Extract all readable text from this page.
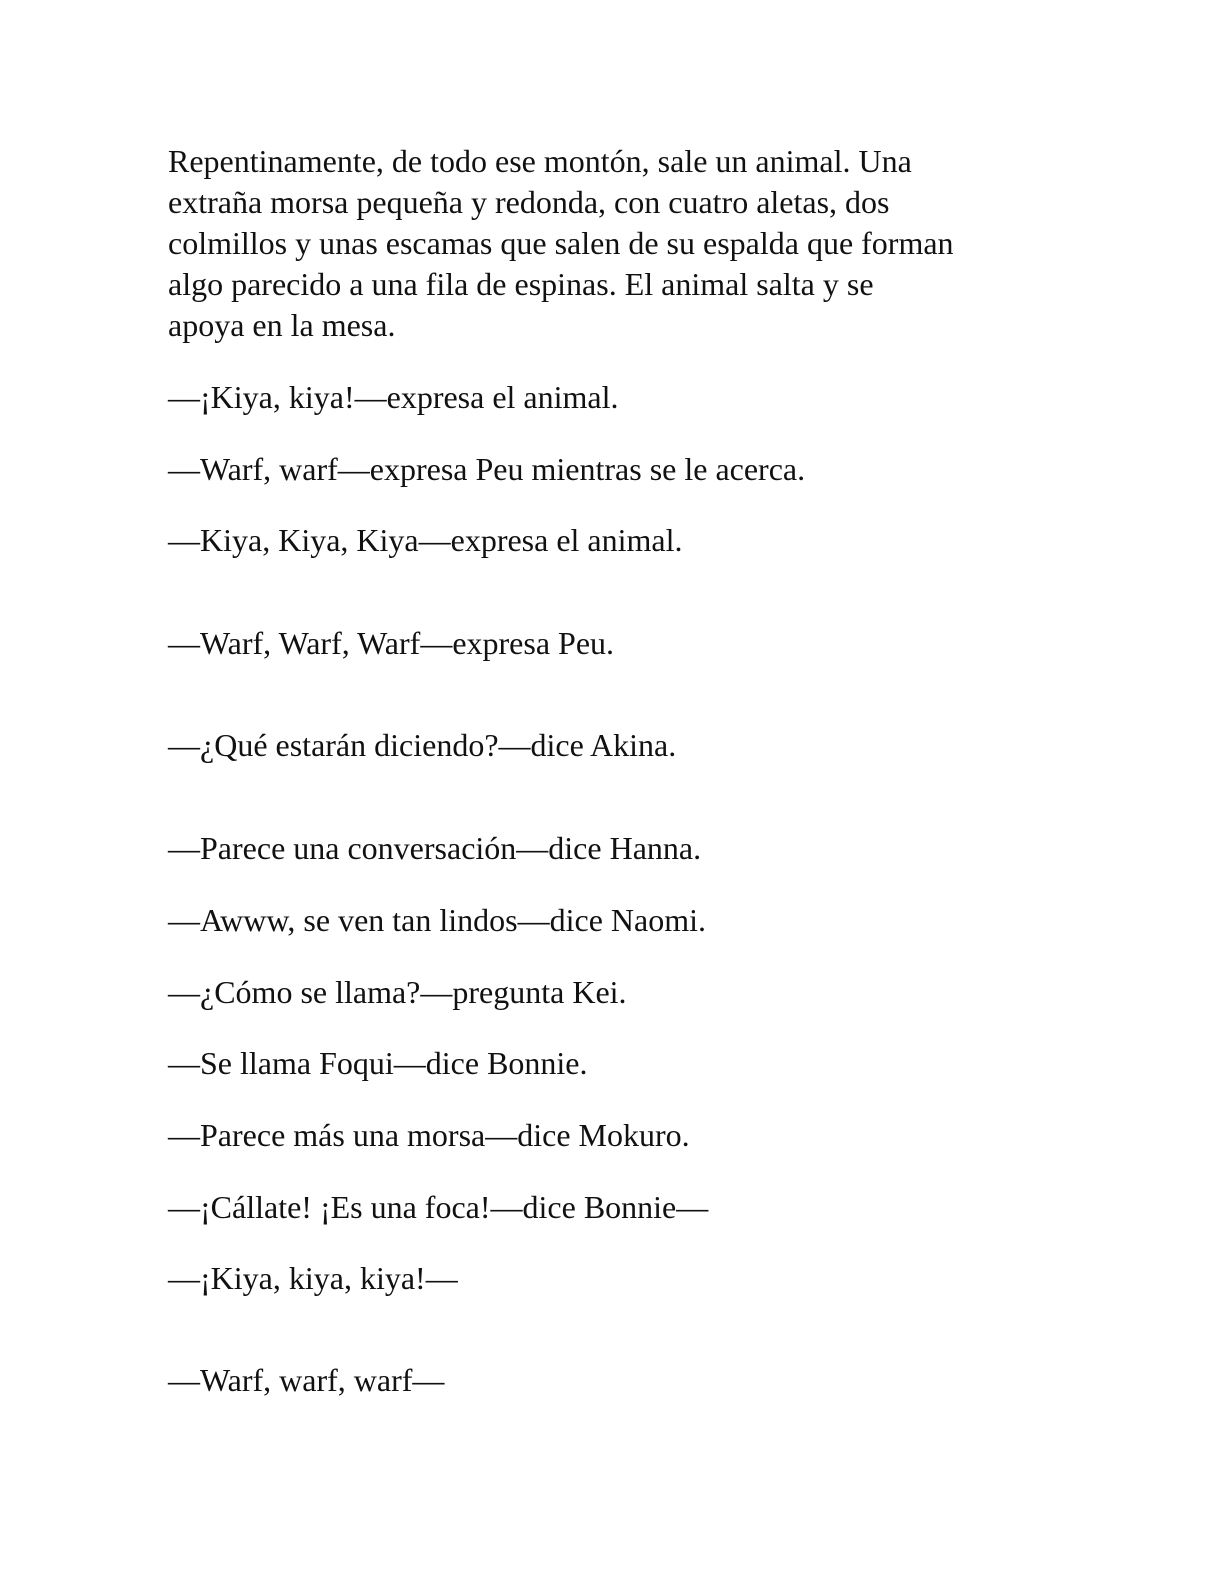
Repentinamente, de todo ese montón, sale un animal. Una
extraña morsa pequeña y redonda, con cuatro aletas, dos
colmillos y unas escamas que salen de su espalda que forman
algo parecido a una fila de espinas. El animal salta y se
apoya en la mesa.

—¡Kiya, kiya!—expresa el animal.

—Warf, warf—expresa Peu mientras se le acerca.

—Kiya, Kiya, Kiya—expresa el animal.

—Warf, Warf, Warf—expresa Peu.

—¿Qué estarán diciendo?—dice Akina.

—Parece una conversación—dice Hanna.

—Awww, se ven tan lindos—dice Naomi.

—¿Cómo se llama?—pregunta Kei.

—Se llama Foqui—dice Bonnie.

—Parece más una morsa—dice Mokuro.

—¡Cállate! ¡Es una foca!—dice Bonnie—

—¡Kiya, kiya, kiya!—

—Warf, warf, warf—
